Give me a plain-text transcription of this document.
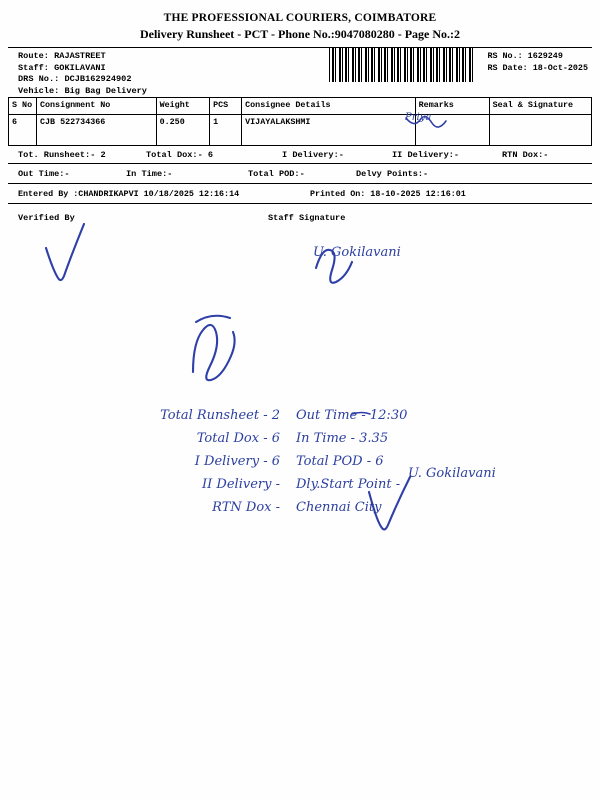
THE PROFESSIONAL COURIERS, COIMBATORE
Delivery Runsheet - PCT - Phone No.:9047080280 - Page No.:2
Route: RAJASTREET
Staff: GOKILAVANI
DRS No.: DCJB162924902
Vehicle: Big Bag Delivery
RS No.: 1629249
RS Date: 18-Oct-2025
S No	Consignment No	Weight	PCS	Consignee Details	Remarks	Seal & Signature
6	CJB 522734366	0.250	1	VIJAYALAKSHMI		
Tot. Runsheet:- 2	Total Dox:- 6	I Delivery:-	II Delivery:-	RTN Dox:-
Out Time:-	In Time:-	Total POD:-	Delvy Points:-
Entered By :CHANDRIKAPVI 10/18/2025 12:16:14	Printed On: 18-10-2025 12:16:01
Verified By	Staff Signature
Total Runsheet - 2
Total Dox - 6
I Delivery - 6
II Delivery -
RTN Dox -
Out Time - 12:30
In Time - 3.35
Total POD - 6
Dly.Start Point -
Chennai City
U. Gokilavani
U. Gokilavani
Priya
